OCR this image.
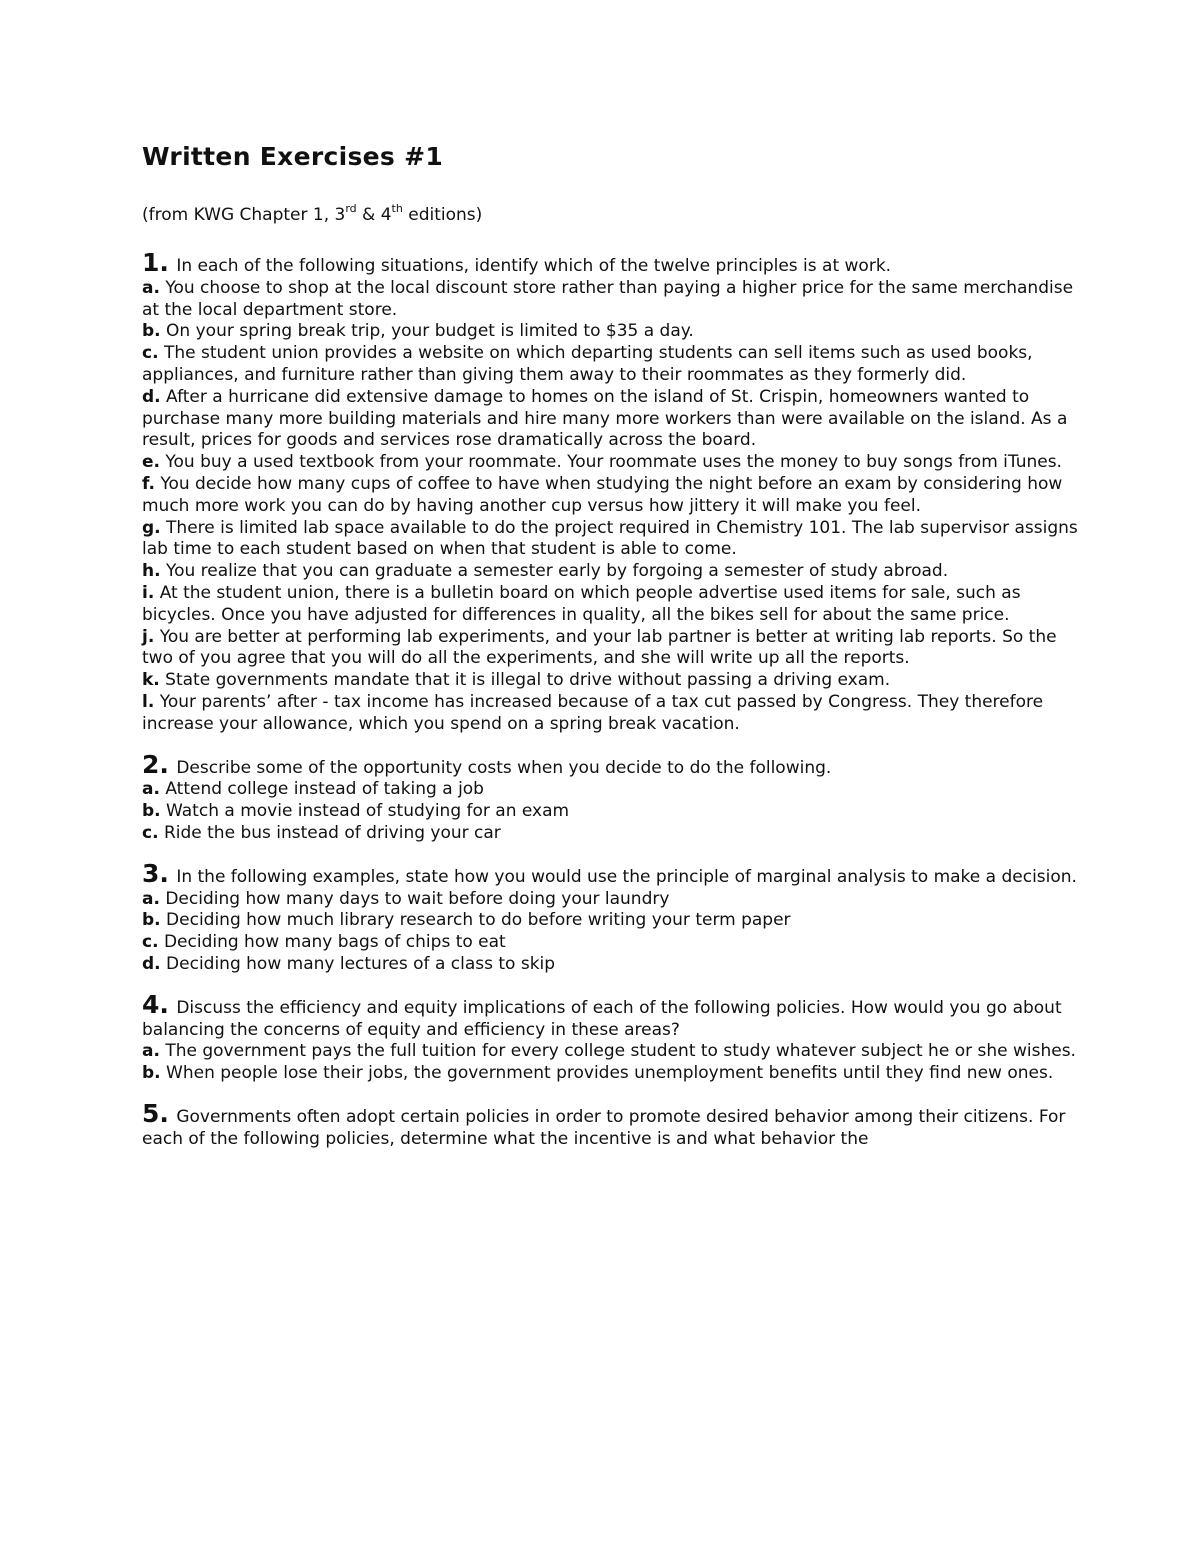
Written Exercises #1

(from KWG Chapter 1, 3rd & 4th editions)

1. In each of the following situations, identify which of the twelve principles is at work.
a. You choose to shop at the local discount store rather than paying a higher price for the same merchandise at the local department store.
b. On your spring break trip, your budget is limited to $35 a day.
c. The student union provides a website on which departing students can sell items such as used books, appliances, and furniture rather than giving them away to their roommates as they formerly did.
d. After a hurricane did extensive damage to homes on the island of St. Crispin, homeowners wanted to purchase many more building materials and hire many more workers than were available on the island. As a result, prices for goods and services rose dramatically across the board.
e. You buy a used textbook from your roommate. Your roommate uses the money to buy songs from iTunes.
f. You decide how many cups of coffee to have when studying the night before an exam by considering how much more work you can do by having another cup versus how jittery it will make you feel.
g. There is limited lab space available to do the project required in Chemistry 101. The lab supervisor assigns lab time to each student based on when that student is able to come.
h. You realize that you can graduate a semester early by forgoing a semester of study abroad.
i. At the student union, there is a bulletin board on which people advertise used items for sale, such as bicycles. Once you have adjusted for differences in quality, all the bikes sell for about the same price.
j. You are better at performing lab experiments, and your lab partner is better at writing lab reports. So the two of you agree that you will do all the experiments, and she will write up all the reports.
k. State governments mandate that it is illegal to drive without passing a driving exam.
l. Your parents’ after - tax income has increased because of a tax cut passed by Congress. They therefore increase your allowance, which you spend on a spring break vacation.
2. Describe some of the opportunity costs when you decide to do the following.
a. Attend college instead of taking a job
b. Watch a movie instead of studying for an exam
c. Ride the bus instead of driving your car
3. In the following examples, state how you would use the principle of marginal analysis to make a decision.
a. Deciding how many days to wait before doing your laundry
b. Deciding how much library research to do before writing your term paper
c. Deciding how many bags of chips to eat
d. Deciding how many lectures of a class to skip
4. Discuss the efficiency and equity implications of each of the following policies. How would you go about balancing the concerns of equity and efficiency in these areas?
a. The government pays the full tuition for every college student to study whatever subject he or she wishes.
b. When people lose their jobs, the government provides unemployment benefits until they find new ones.
5. Governments often adopt certain policies in order to promote desired behavior among their citizens. For each of the following policies, determine what the incentive is and what behavior the
